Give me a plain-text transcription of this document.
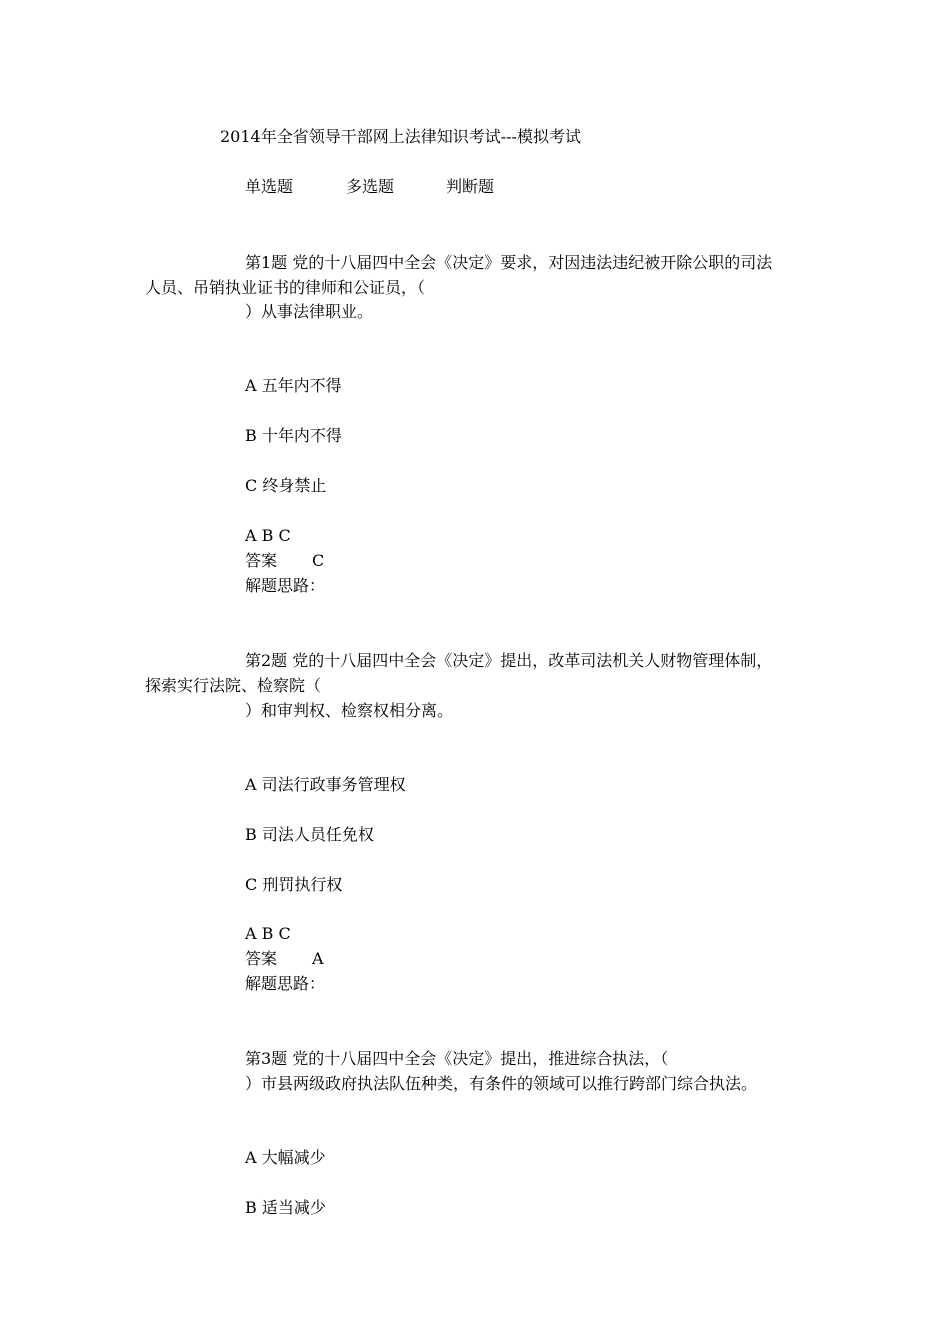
2014年全省领导干部网上法律知识考试---模拟考试
单选题	多选题	判断题
第1题 党的十八届四中全会《决定》要求，对因违法违纪被开除公职的司法
人员、吊销执业证书的律师和公证员，（
）从事法律职业。
A 五年内不得
B 十年内不得
C 终身禁止
A B C
答案 C
解题思路：
第2题 党的十八届四中全会《决定》提出，改革司法机关人财物管理体制，
探索实行法院、检察院（
）和审判权、检察权相分离。
A 司法行政事务管理权
B 司法人员任免权
C 刑罚执行权
A B C
答案 A
解题思路：
第3题 党的十八届四中全会《决定》提出，推进综合执法，（
）市县两级政府执法队伍种类，有条件的领域可以推行跨部门综合执法。
A 大幅减少
B 适当减少
